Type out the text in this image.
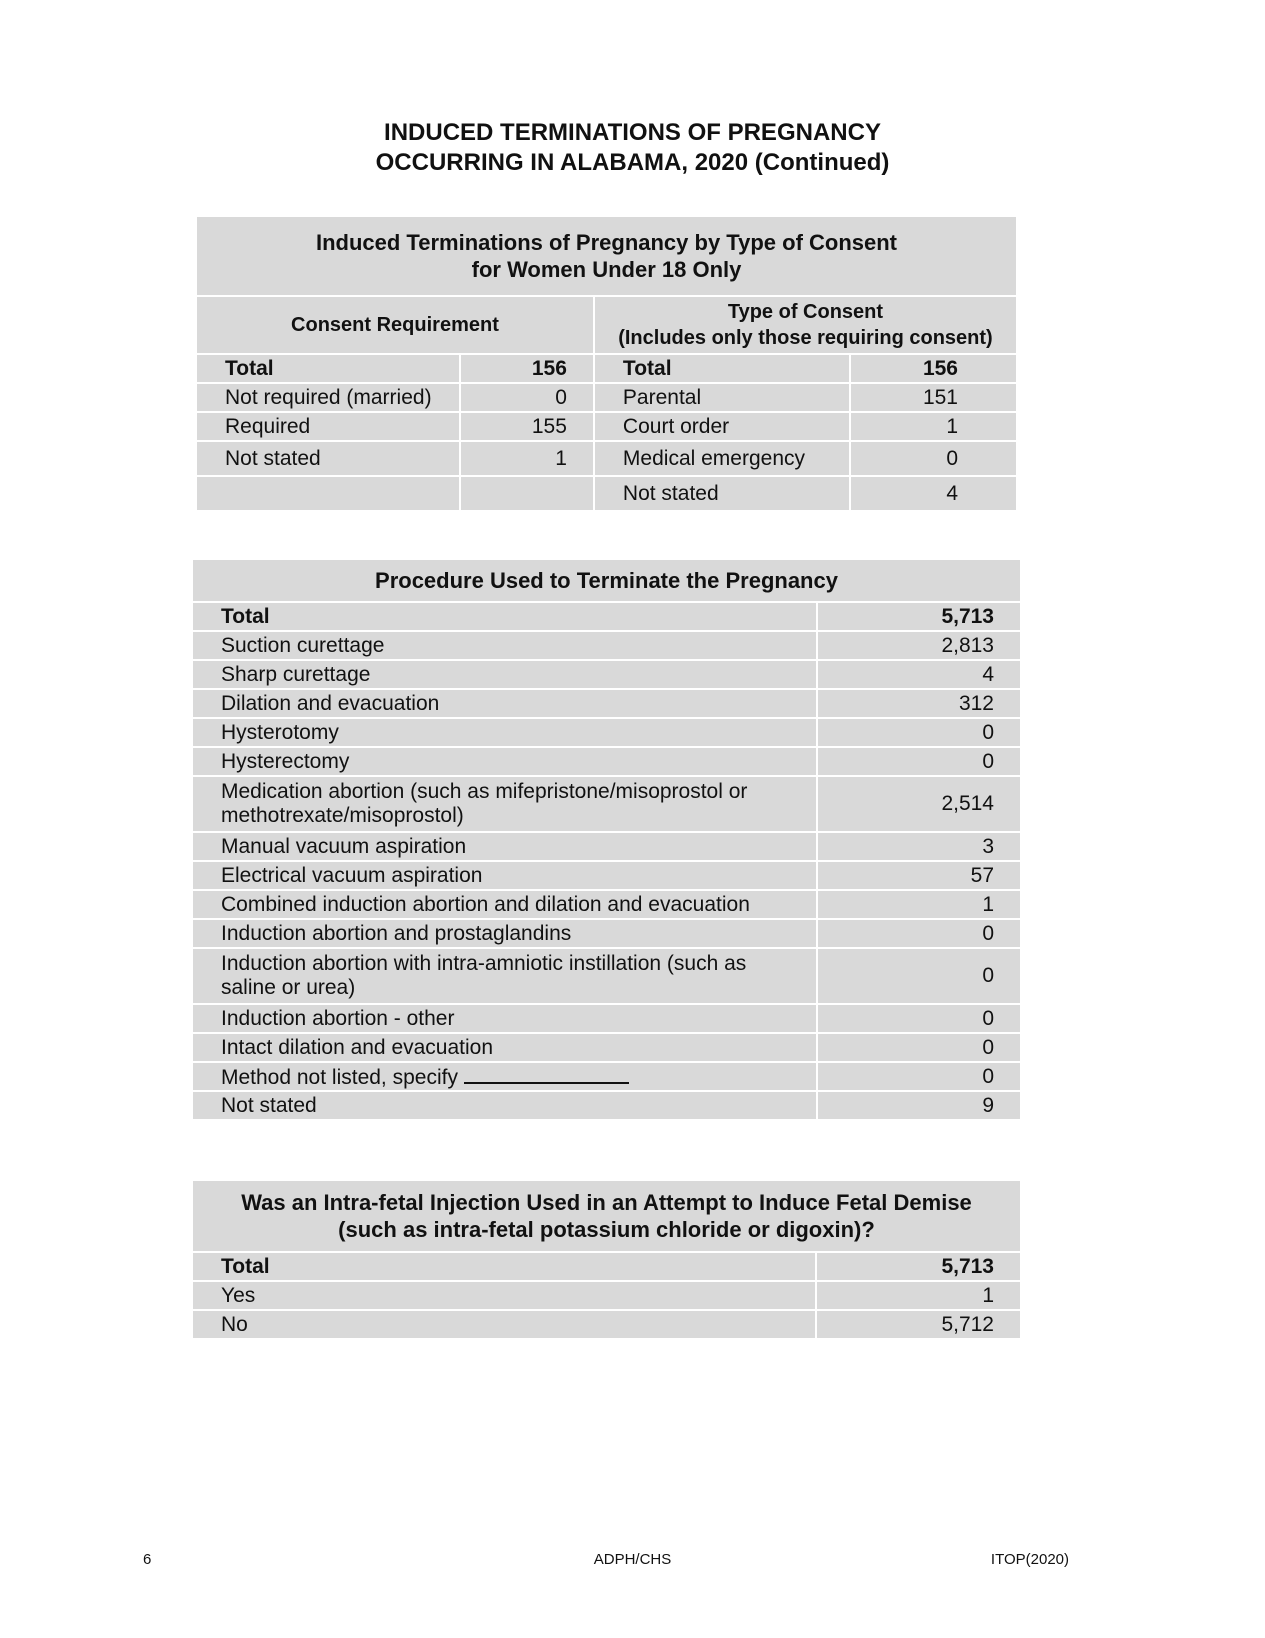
INDUCED TERMINATIONS OF PREGNANCY
OCCURRING IN ALABAMA, 2020 (Continued)
Induced Terminations of Pregnancy by Type of Consent
for Women Under 18 Only			

Consent Requirement		Type of Consent
(Includes only those requiring consent)	

Total	156	Total	156
Not required (married)	0	Parental	151
Required	155	Court order	1
Not stated	1	Medical emergency	0
		Not stated	4
Procedure Used to Terminate the Pregnancy	
Total	5,713
Suction curettage	2,813
Sharp curettage	4
Dilation and evacuation	312
Hysterotomy	0
Hysterectomy	0

Medication abortion (such as mifepristone/misoprostol or
methotrexate/misoprostol)	2,514
Manual vacuum aspiration	3
Electrical vacuum aspiration	57
Combined induction abortion and dilation and evacuation	1
Induction abortion and prostaglandins	0

Induction abortion with intra-amniotic instillation (such as
saline or urea)	0
Induction abortion - other	0
Intact dilation and evacuation	0
Method not listed, specify	0
Not stated	9
Was an Intra-fetal Injection Used in an Attempt to Induce Fetal Demise
(such as intra-fetal potassium chloride or digoxin)?	

Total	5,713
Yes	1
No	5,712
6	ADPH/CHS	ITOP(2020)
